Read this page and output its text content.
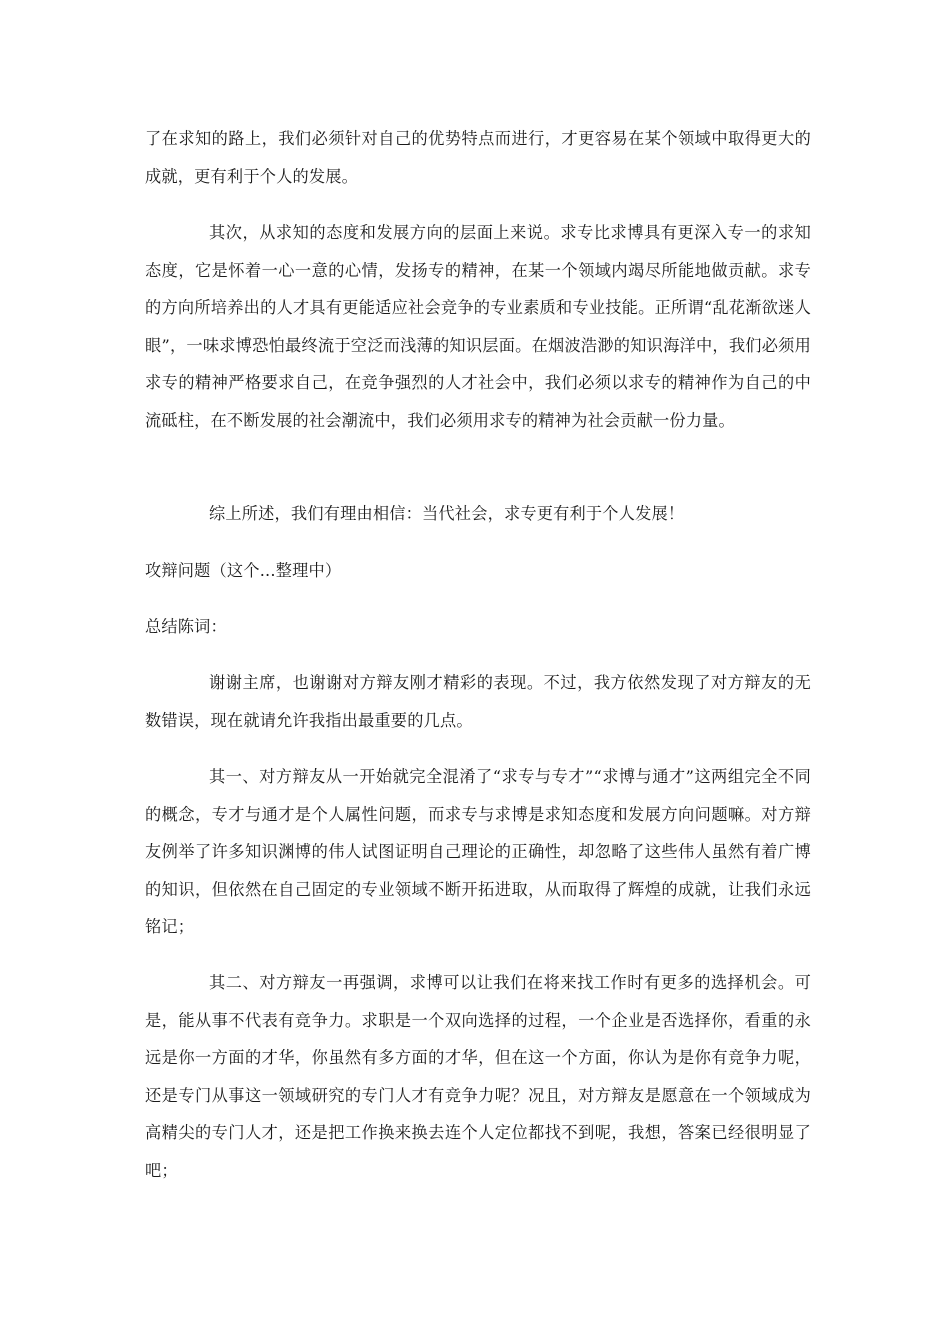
了在求知的路上，我们必须针对自己的优势特点而进行，才更容易在某个领域中取得更大的成就，更有利于个人的发展。

其次，从求知的态度和发展方向的层面上来说。求专比求博具有更深入专一的求知态度，它是怀着一心一意的心情，发扬专的精神，在某一个领域内竭尽所能地做贡献。求专的方向所培养出的人才具有更能适应社会竞争的专业素质和专业技能。正所谓“乱花渐欲迷人眼”，一味求博恐怕最终流于空泛而浅薄的知识层面。在烟波浩渺的知识海洋中，我们必须用求专的精神严格要求自己，在竞争强烈的人才社会中，我们必须以求专的精神作为自己的中流砥柱，在不断发展的社会潮流中，我们必须用求专的精神为社会贡献一份力量。

综上所述，我们有理由相信：当代社会，求专更有利于个人发展！

攻辩问题（这个...整理中）

总结陈词：

谢谢主席，也谢谢对方辩友刚才精彩的表现。不过，我方依然发现了对方辩友的无数错误，现在就请允许我指出最重要的几点。

其一、对方辩友从一开始就完全混淆了“求专与专才”“求博与通才”这两组完全不同的概念，专才与通才是个人属性问题，而求专与求博是求知态度和发展方向问题嘛。对方辩友例举了许多知识渊博的伟人试图证明自己理论的正确性，却忽略了这些伟人虽然有着广博的知识，但依然在自己固定的专业领域不断开拓进取，从而取得了辉煌的成就，让我们永远铭记；

其二、对方辩友一再强调，求博可以让我们在将来找工作时有更多的选择机会。可是，能从事不代表有竞争力。求职是一个双向选择的过程，一个企业是否选择你，看重的永远是你一方面的才华，你虽然有多方面的才华，但在这一个方面，你认为是你有竞争力呢，还是专门从事这一领域研究的专门人才有竞争力呢？况且，对方辩友是愿意在一个领域成为高精尖的专门人才，还是把工作换来换去连个人定位都找不到呢，我想，答案已经很明显了吧；
